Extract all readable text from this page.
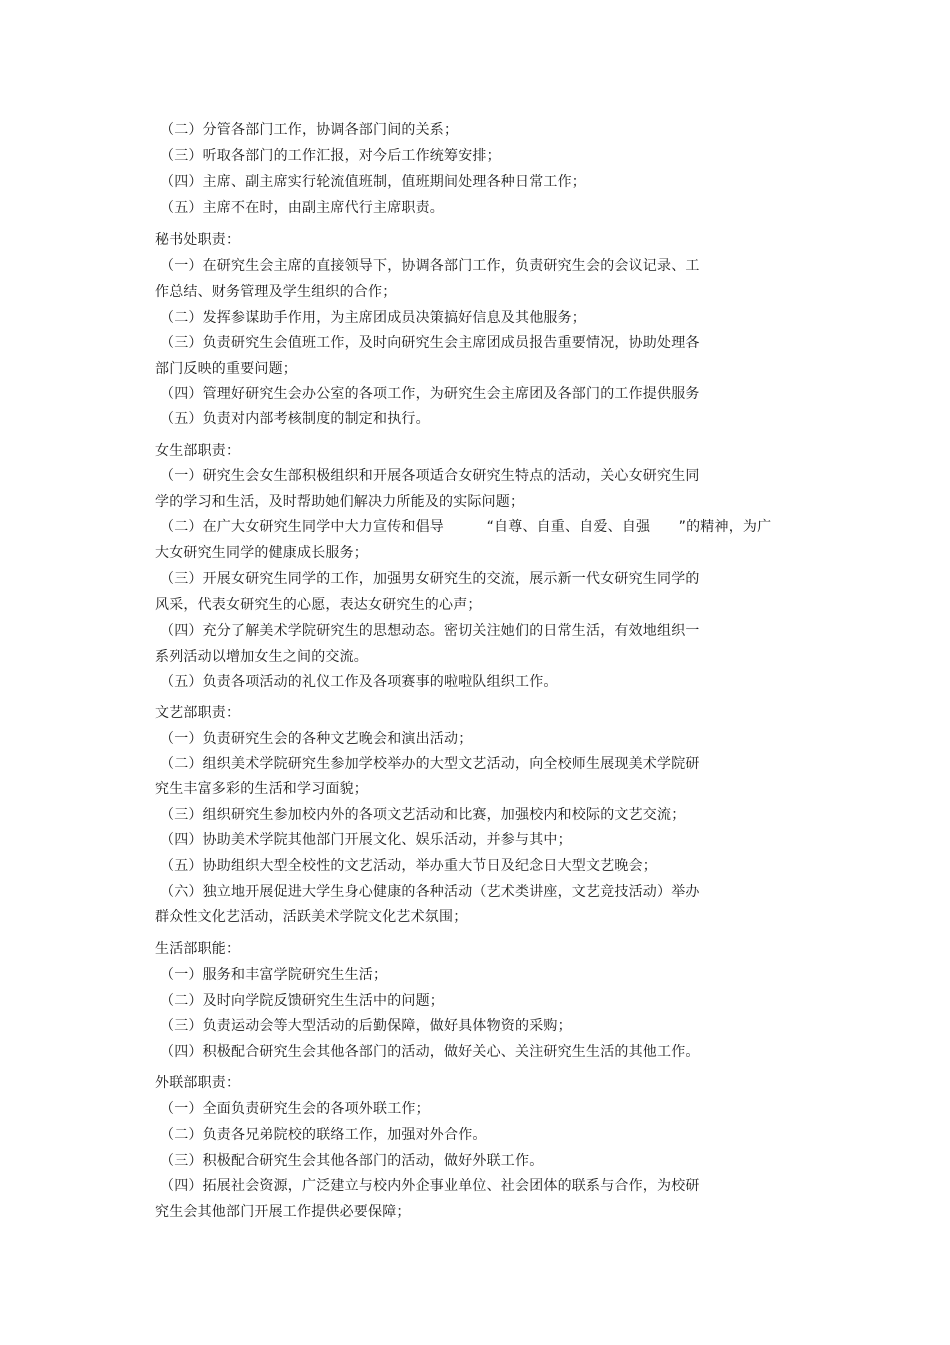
（二）分管各部门工作，协调各部门间的关系；
（三）听取各部门的工作汇报，对今后工作统筹安排；
（四）主席、副主席实行轮流值班制，值班期间处理各种日常工作；
（五）主席不在时，由副主席代行主席职责。
秘书处职责：
（一）在研究生会主席的直接领导下，协调各部门工作，负责研究生会的会议记录、工
作总结、财务管理及学生组织的合作；
（二）发挥参谋助手作用，为主席团成员决策搞好信息及其他服务；
（三）负责研究生会值班工作，及时向研究生会主席团成员报告重要情况，协助处理各
部门反映的重要问题；
（四）管理好研究生会办公室的各项工作，为研究生会主席团及各部门的工作提供服务
（五）负责对内部考核制度的制定和执行。
女生部职责：
（一）研究生会女生部积极组织和开展各项适合女研究生特点的活动，关心女研究生同
学的学习和生活，及时帮助她们解决力所能及的实际问题；
（二）在广大女研究生同学中大力宣传和倡导　　　“自尊、自重、自爱、自强　　”的精神，为广
大女研究生同学的健康成长服务；
（三）开展女研究生同学的工作，加强男女研究生的交流，展示新一代女研究生同学的
风采，代表女研究生的心愿，表达女研究生的心声；
（四）充分了解美术学院研究生的思想动态。密切关注她们的日常生活，有效地组织一
系列活动以增加女生之间的交流。
（五）负责各项活动的礼仪工作及各项赛事的啦啦队组织工作。
文艺部职责：
（一）负责研究生会的各种文艺晚会和演出活动；
（二）组织美术学院研究生参加学校举办的大型文艺活动，向全校师生展现美术学院研
究生丰富多彩的生活和学习面貌；
（三）组织研究生参加校内外的各项文艺活动和比赛，加强校内和校际的文艺交流；
（四）协助美术学院其他部门开展文化、娱乐活动，并参与其中；
（五）协助组织大型全校性的文艺活动，举办重大节日及纪念日大型文艺晚会；
（六）独立地开展促进大学生身心健康的各种活动（艺术类讲座，文艺竞技活动）举办
群众性文化艺活动，活跃美术学院文化艺术氛围；
生活部职能：
（一）服务和丰富学院研究生生活；
（二）及时向学院反馈研究生生活中的问题；
（三）负责运动会等大型活动的后勤保障，做好具体物资的采购；
（四）积极配合研究生会其他各部门的活动，做好关心、关注研究生生活的其他工作。
外联部职责：
（一）全面负责研究生会的各项外联工作；
（二）负责各兄弟院校的联络工作，加强对外合作。
（三）积极配合研究生会其他各部门的活动，做好外联工作。
（四）拓展社会资源，广泛建立与校内外企事业单位、社会团体的联系与合作，为校研
究生会其他部门开展工作提供必要保障；
